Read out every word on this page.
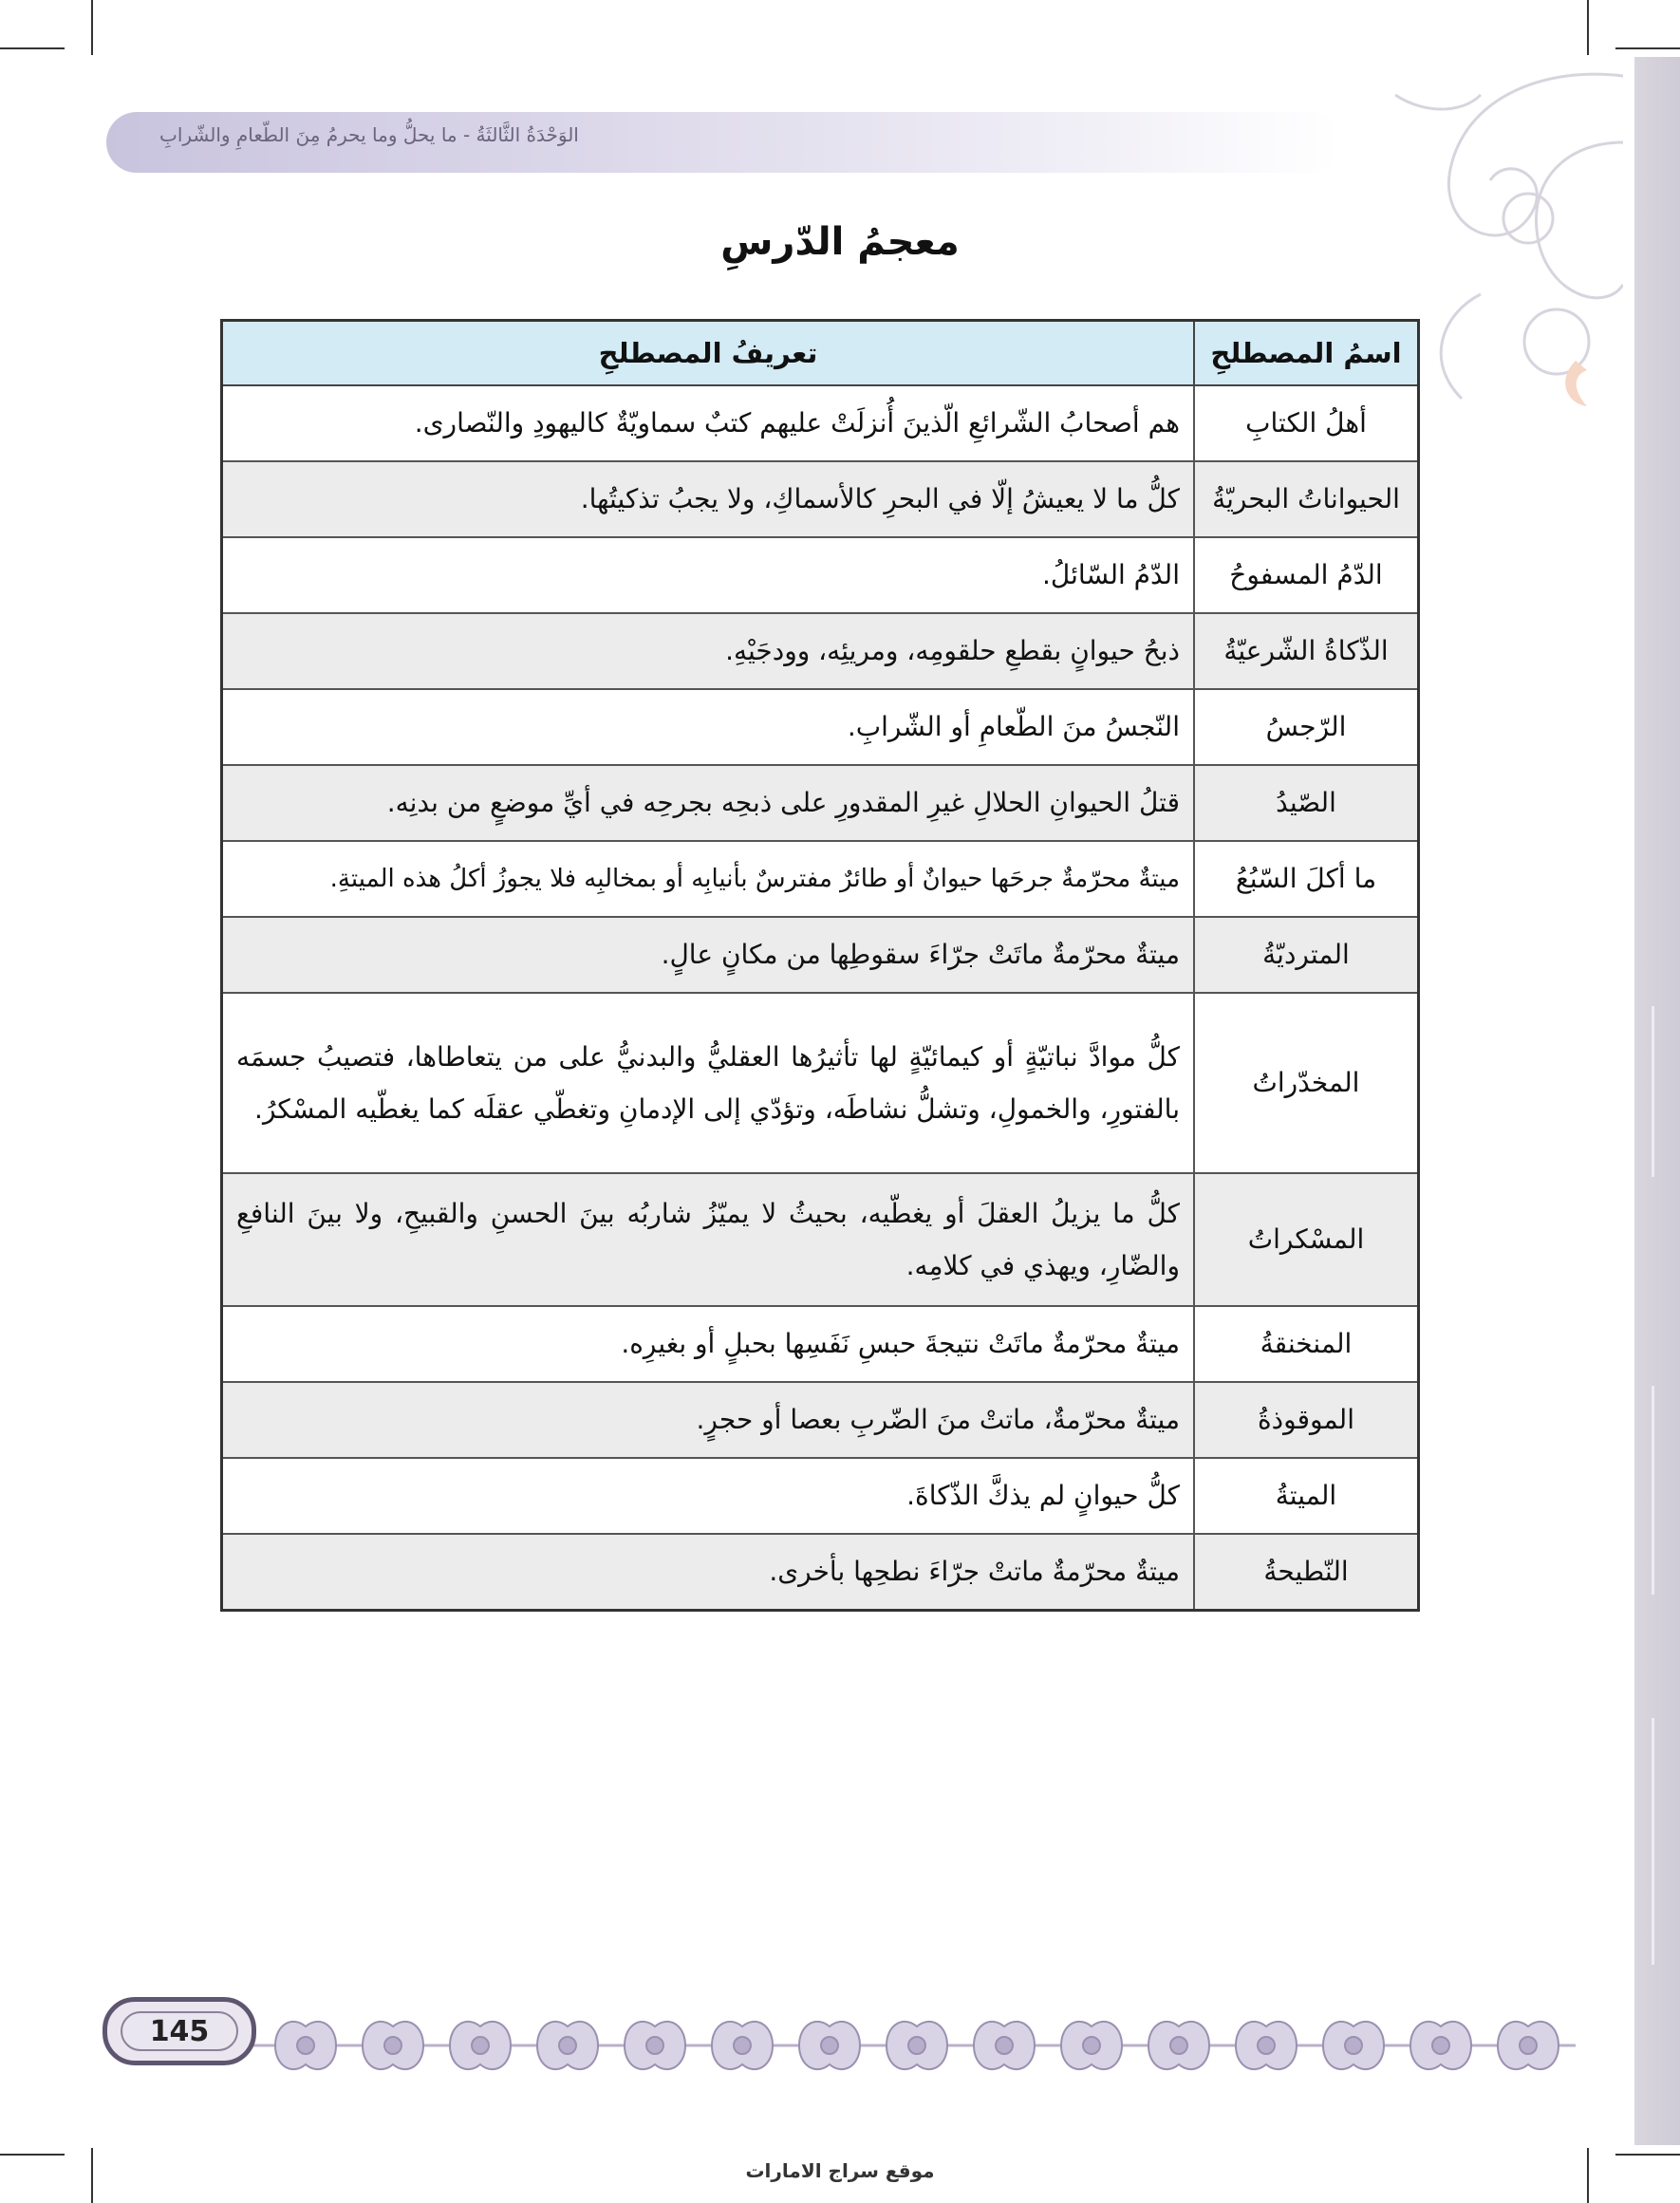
الوَحْدَةُ الثَّالثَةُ - ما يحلُّ وما يحرمُ مِنَ الطّعامِ والشّرابِ
معجمُ الدّرسِ
اسمُ المصطلحِ	تعريفُ المصطلحِ
أهلُ الكتابِ	هم أصحابُ الشّرائعِ الّذينَ أُنزلَتْ عليهم كتبٌ سماويّةٌ كاليهودِ والنّصارى.
الحيواناتُ البحريّةُ	كلُّ ما لا يعيشُ إلّا في البحرِ كالأسماكِ، ولا يجبُ تذكيتُها.
الدّمُ المسفوحُ	الدّمُ السّائلُ.
الذّكاةُ الشّرعيّةُ	ذبحُ حيوانٍ بقطعِ حلقومِه، ومريئِه، وودجَيْهِ.
الرّجسُ	النّجسُ منَ الطّعامِ أو الشّرابِ.
الصّيدُ	قتلُ الحيوانِ الحلالِ غيرِ المقدورِ على ذبحِه بجرحِه في أيِّ موضعٍ من بدنِه.
ما أكلَ السّبُعُ	ميتةٌ محرّمةٌ جرحَها حيوانٌ أو طائرٌ مفترسٌ بأنيابِه أو بمخالبِه فلا يجوزُ أكلُ هذه الميتةِ.
المترديّةُ	ميتةٌ محرّمةٌ ماتَتْ جرّاءَ سقوطِها من مكانٍ عالٍ.
المخدّراتُ	كلُّ موادَّ نباتيّةٍ أو كيمائيّةٍ لها تأثيرُها العقليُّ والبدنيُّ على من يتعاطاها، فتصيبُ جسمَه بالفتورِ، والخمولِ، وتشلُّ نشاطَه، وتؤدّي إلى الإدمانِ وتغطّي عقلَه كما يغطّيه المسْكرُ.
المسْكراتُ	كلُّ ما يزيلُ العقلَ أو يغطّيه، بحيثُ لا يميّزُ شاربُه بينَ الحسنِ والقبيحِ، ولا بينَ النافعِ والضّارِ، ويهذي في كلامِه.
المنخنقةُ	ميتةٌ محرّمةٌ ماتَتْ نتيجةَ حبسِ نَفَسِها بحبلٍ أو بغيرِه.
الموقوذةُ	ميتةٌ محرّمةٌ، ماتتْ منَ الضّربِ بعصا أو حجرٍ.
الميتةُ	كلُّ حيوانٍ لم يذكَّ الذّكاةَ.
النّطيحةُ	ميتةٌ محرّمةٌ ماتتْ جرّاءَ نطحِها بأخرى.
145
موقع سراج الامارات
